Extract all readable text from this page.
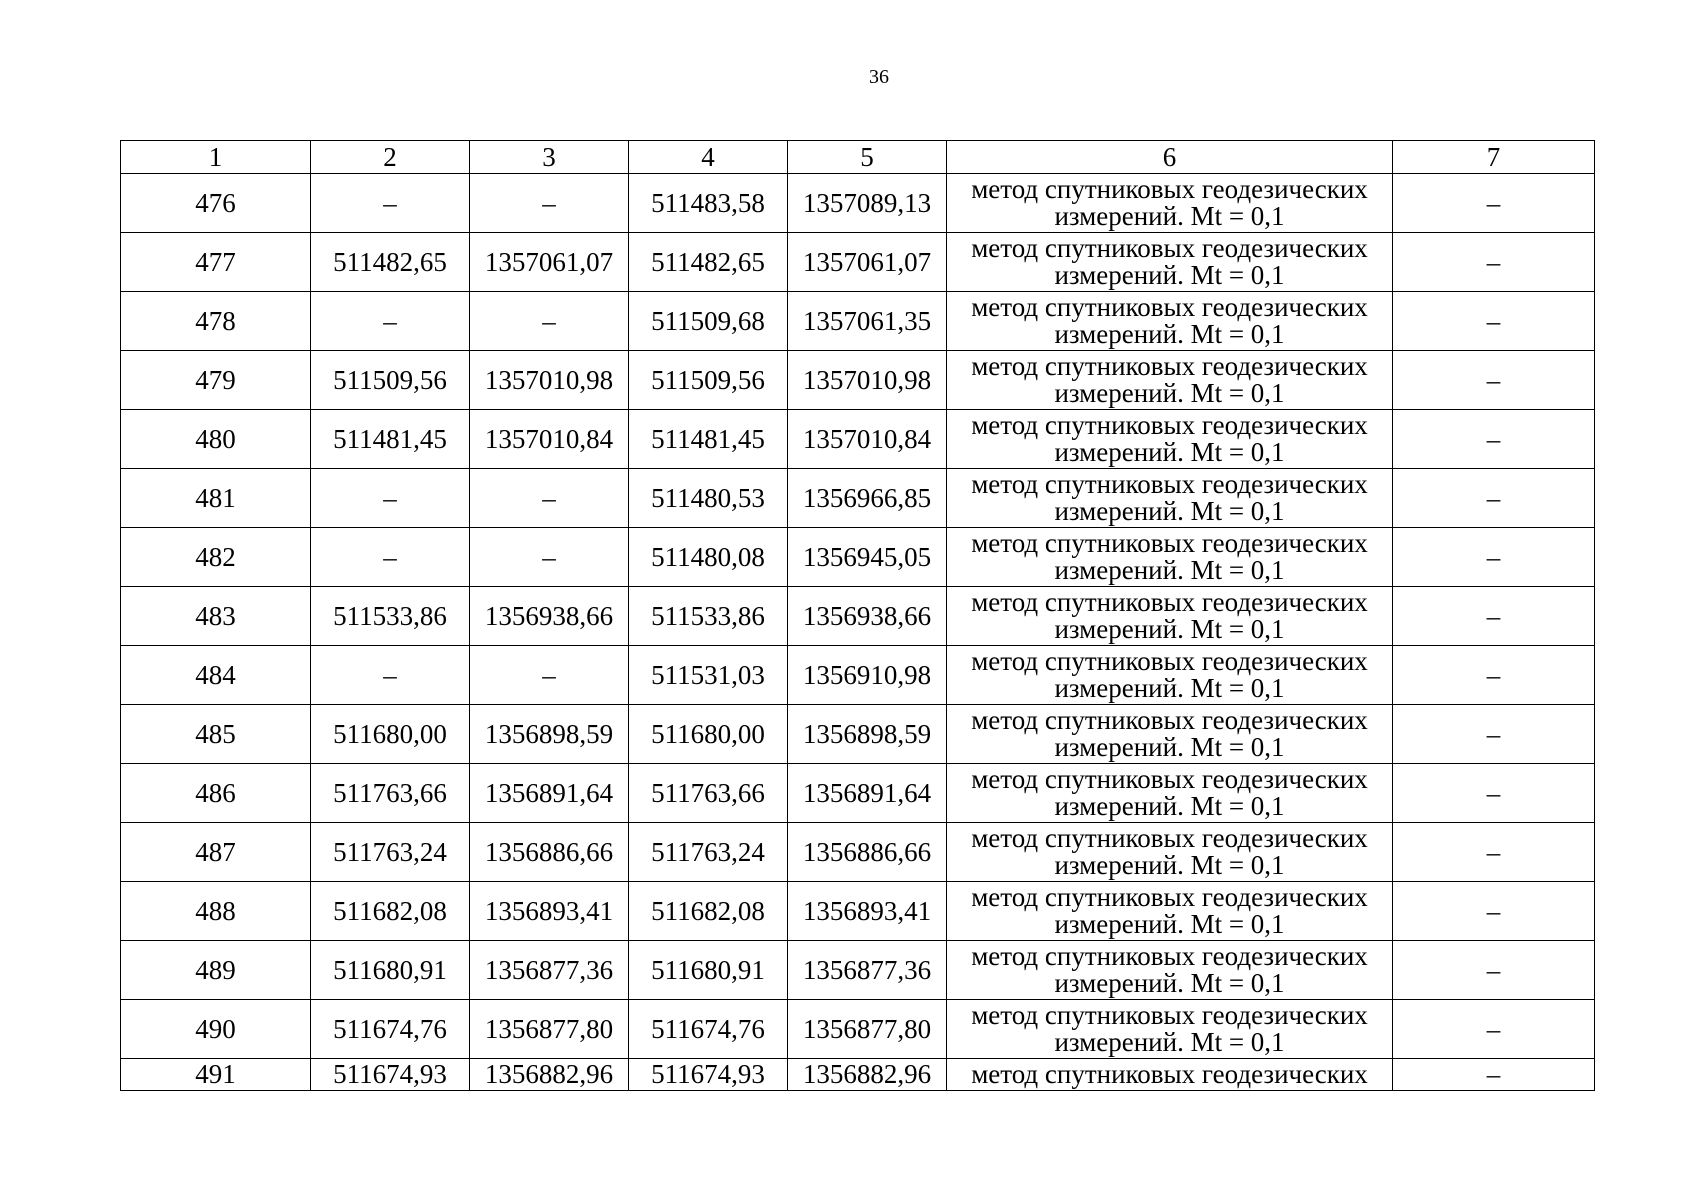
36
1	2	3	4	5	6	7
476	–	–	511483,58	1357089,13	метод спутниковых геодезических
измерений. Mt = 0,1	–
477	511482,65	1357061,07	511482,65	1357061,07	метод спутниковых геодезических
измерений. Mt = 0,1	–
478	–	–	511509,68	1357061,35	метод спутниковых геодезических
измерений. Mt = 0,1	–
479	511509,56	1357010,98	511509,56	1357010,98	метод спутниковых геодезических
измерений. Mt = 0,1	–
480	511481,45	1357010,84	511481,45	1357010,84	метод спутниковых геодезических
измерений. Mt = 0,1	–
481	–	–	511480,53	1356966,85	метод спутниковых геодезических
измерений. Mt = 0,1	–
482	–	–	511480,08	1356945,05	метод спутниковых геодезических
измерений. Mt = 0,1	–
483	511533,86	1356938,66	511533,86	1356938,66	метод спутниковых геодезических
измерений. Mt = 0,1	–
484	–	–	511531,03	1356910,98	метод спутниковых геодезических
измерений. Mt = 0,1	–
485	511680,00	1356898,59	511680,00	1356898,59	метод спутниковых геодезических
измерений. Mt = 0,1	–
486	511763,66	1356891,64	511763,66	1356891,64	метод спутниковых геодезических
измерений. Mt = 0,1	–
487	511763,24	1356886,66	511763,24	1356886,66	метод спутниковых геодезических
измерений. Mt = 0,1	–
488	511682,08	1356893,41	511682,08	1356893,41	метод спутниковых геодезических
измерений. Mt = 0,1	–
489	511680,91	1356877,36	511680,91	1356877,36	метод спутниковых геодезических
измерений. Mt = 0,1	–
490	511674,76	1356877,80	511674,76	1356877,80	метод спутниковых геодезических
измерений. Mt = 0,1	–
491	511674,93	1356882,96	511674,93	1356882,96	метод спутниковых геодезических	–
